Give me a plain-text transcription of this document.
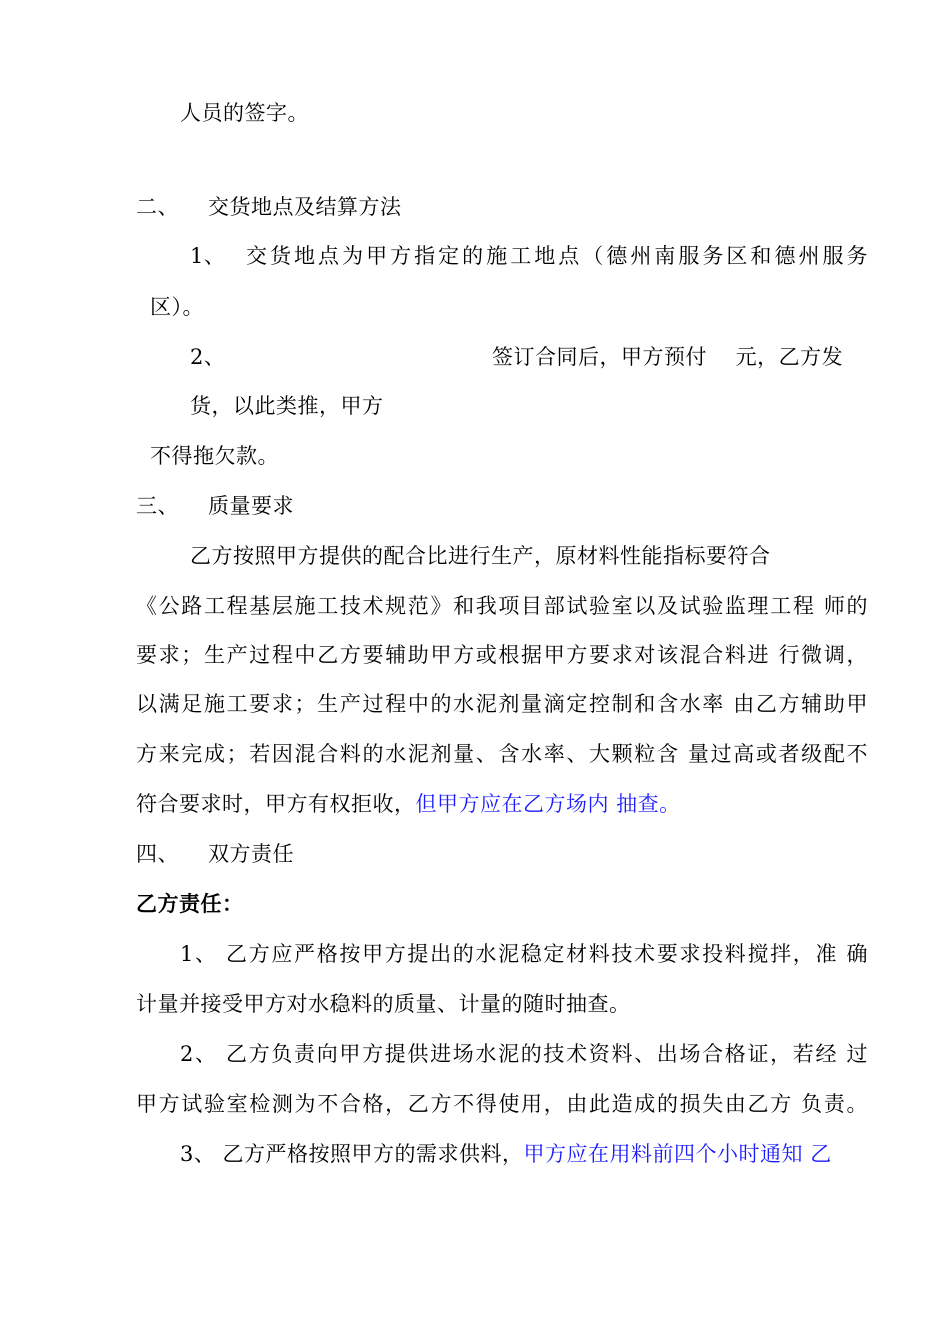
人员的签字。
二、 交货地点及结算方法
1、 交货地点为甲方指定的施工地点（德州南服务区和德州服务
区）。
2、	签订合同后，甲方预付　 元，乙方发
货，以此类推，甲方
不得拖欠款。
三、 质量要求
乙方按照甲方提供的配合比进行生产，原材料性能指标要符合
《公路工程基层施工技术规范》和我项目部试验室以及试验监理工程 师的
要求；生产过程中乙方要辅助甲方或根据甲方要求对该混合料进 行微调，
以满足施工要求；生产过程中的水泥剂量滴定控制和含水率 由乙方辅助甲
方来完成；若因混合料的水泥剂量、含水率、大颗粒含 量过高或者级配不
符合要求时，甲方有权拒收，但甲方应在乙方场内 抽查。
四、 双方责任
乙方责任：
1、 乙方应严格按甲方提出的水泥稳定材料技术要求投料搅拌，准 确
计量并接受甲方对水稳料的质量、计量的随时抽查。
2、 乙方负责向甲方提供进场水泥的技术资料、出场合格证，若经 过
甲方试验室检测为不合格，乙方不得使用，由此造成的损失由乙方 负责。
3、 乙方严格按照甲方的需求供料，甲方应在用料前四个小时通知 乙
